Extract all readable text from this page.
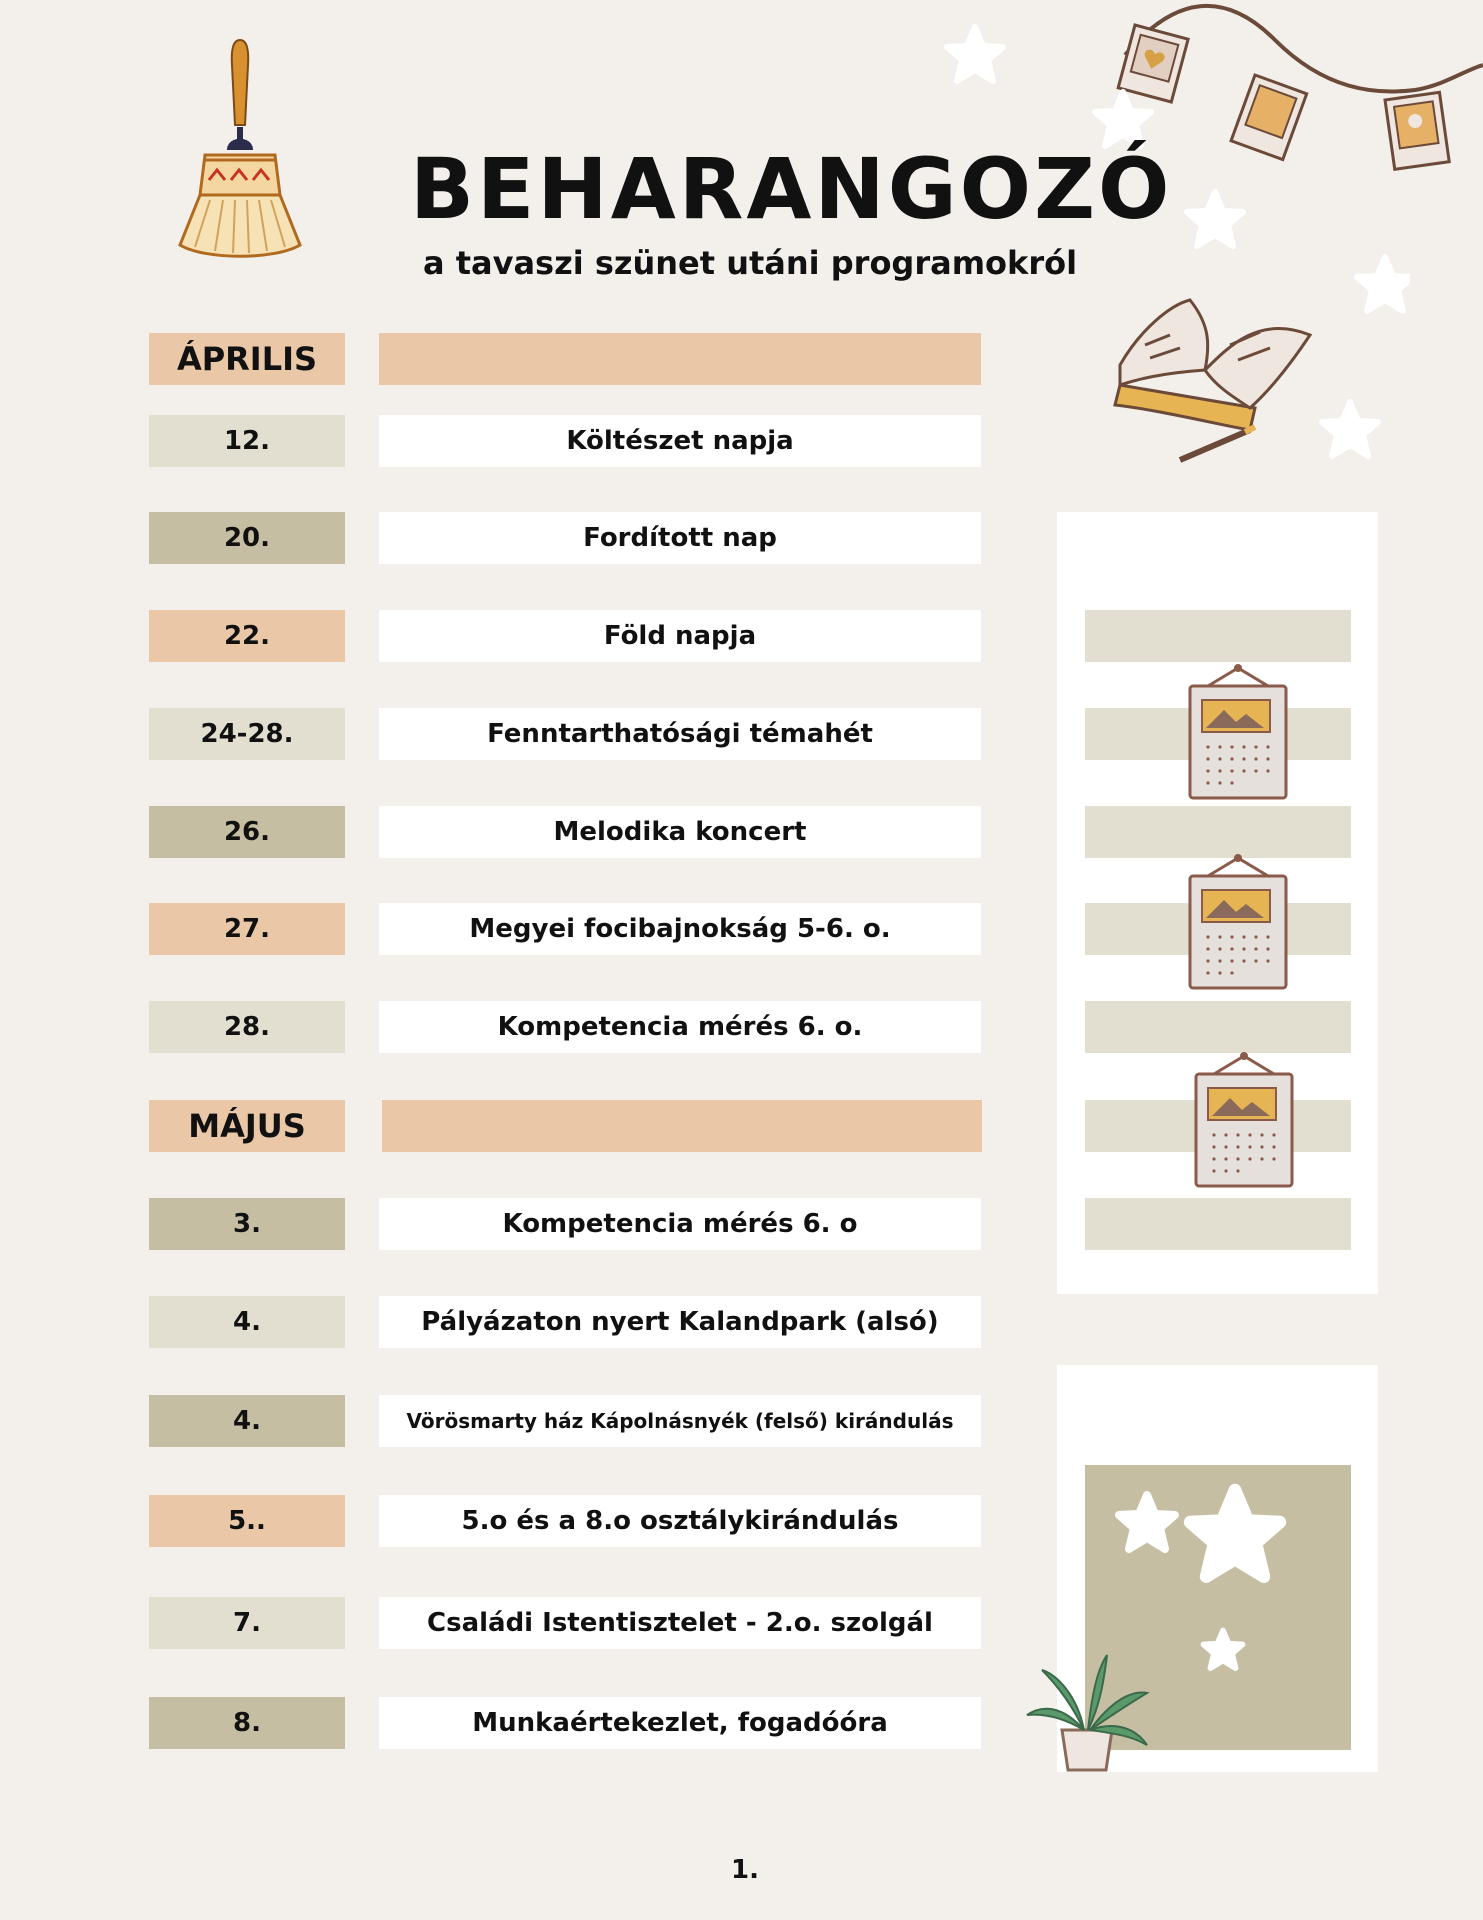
BEHARANGOZÓ
a tavaszi szünet utáni programokról
ÁPRILIS
12.	Költészet napja
20.	Fordított nap
22.	Föld napja
24-28.	Fenntarthatósági témahét
26.	Melodika koncert
27.	Megyei focibajnokság 5-6. o.
28.	Kompetencia mérés 6. o.
MÁJUS
3.	Kompetencia mérés 6. o
4.	Pályázaton nyert Kalandpark (alsó)
4.	Vörösmarty ház Kápolnásnyék (felső) kirándulás
5..	5.o és a 8.o osztálykirándulás
7.	Családi Istentisztelet - 2.o. szolgál
8.	Munkaértekezlet, fogadóóra
1.
